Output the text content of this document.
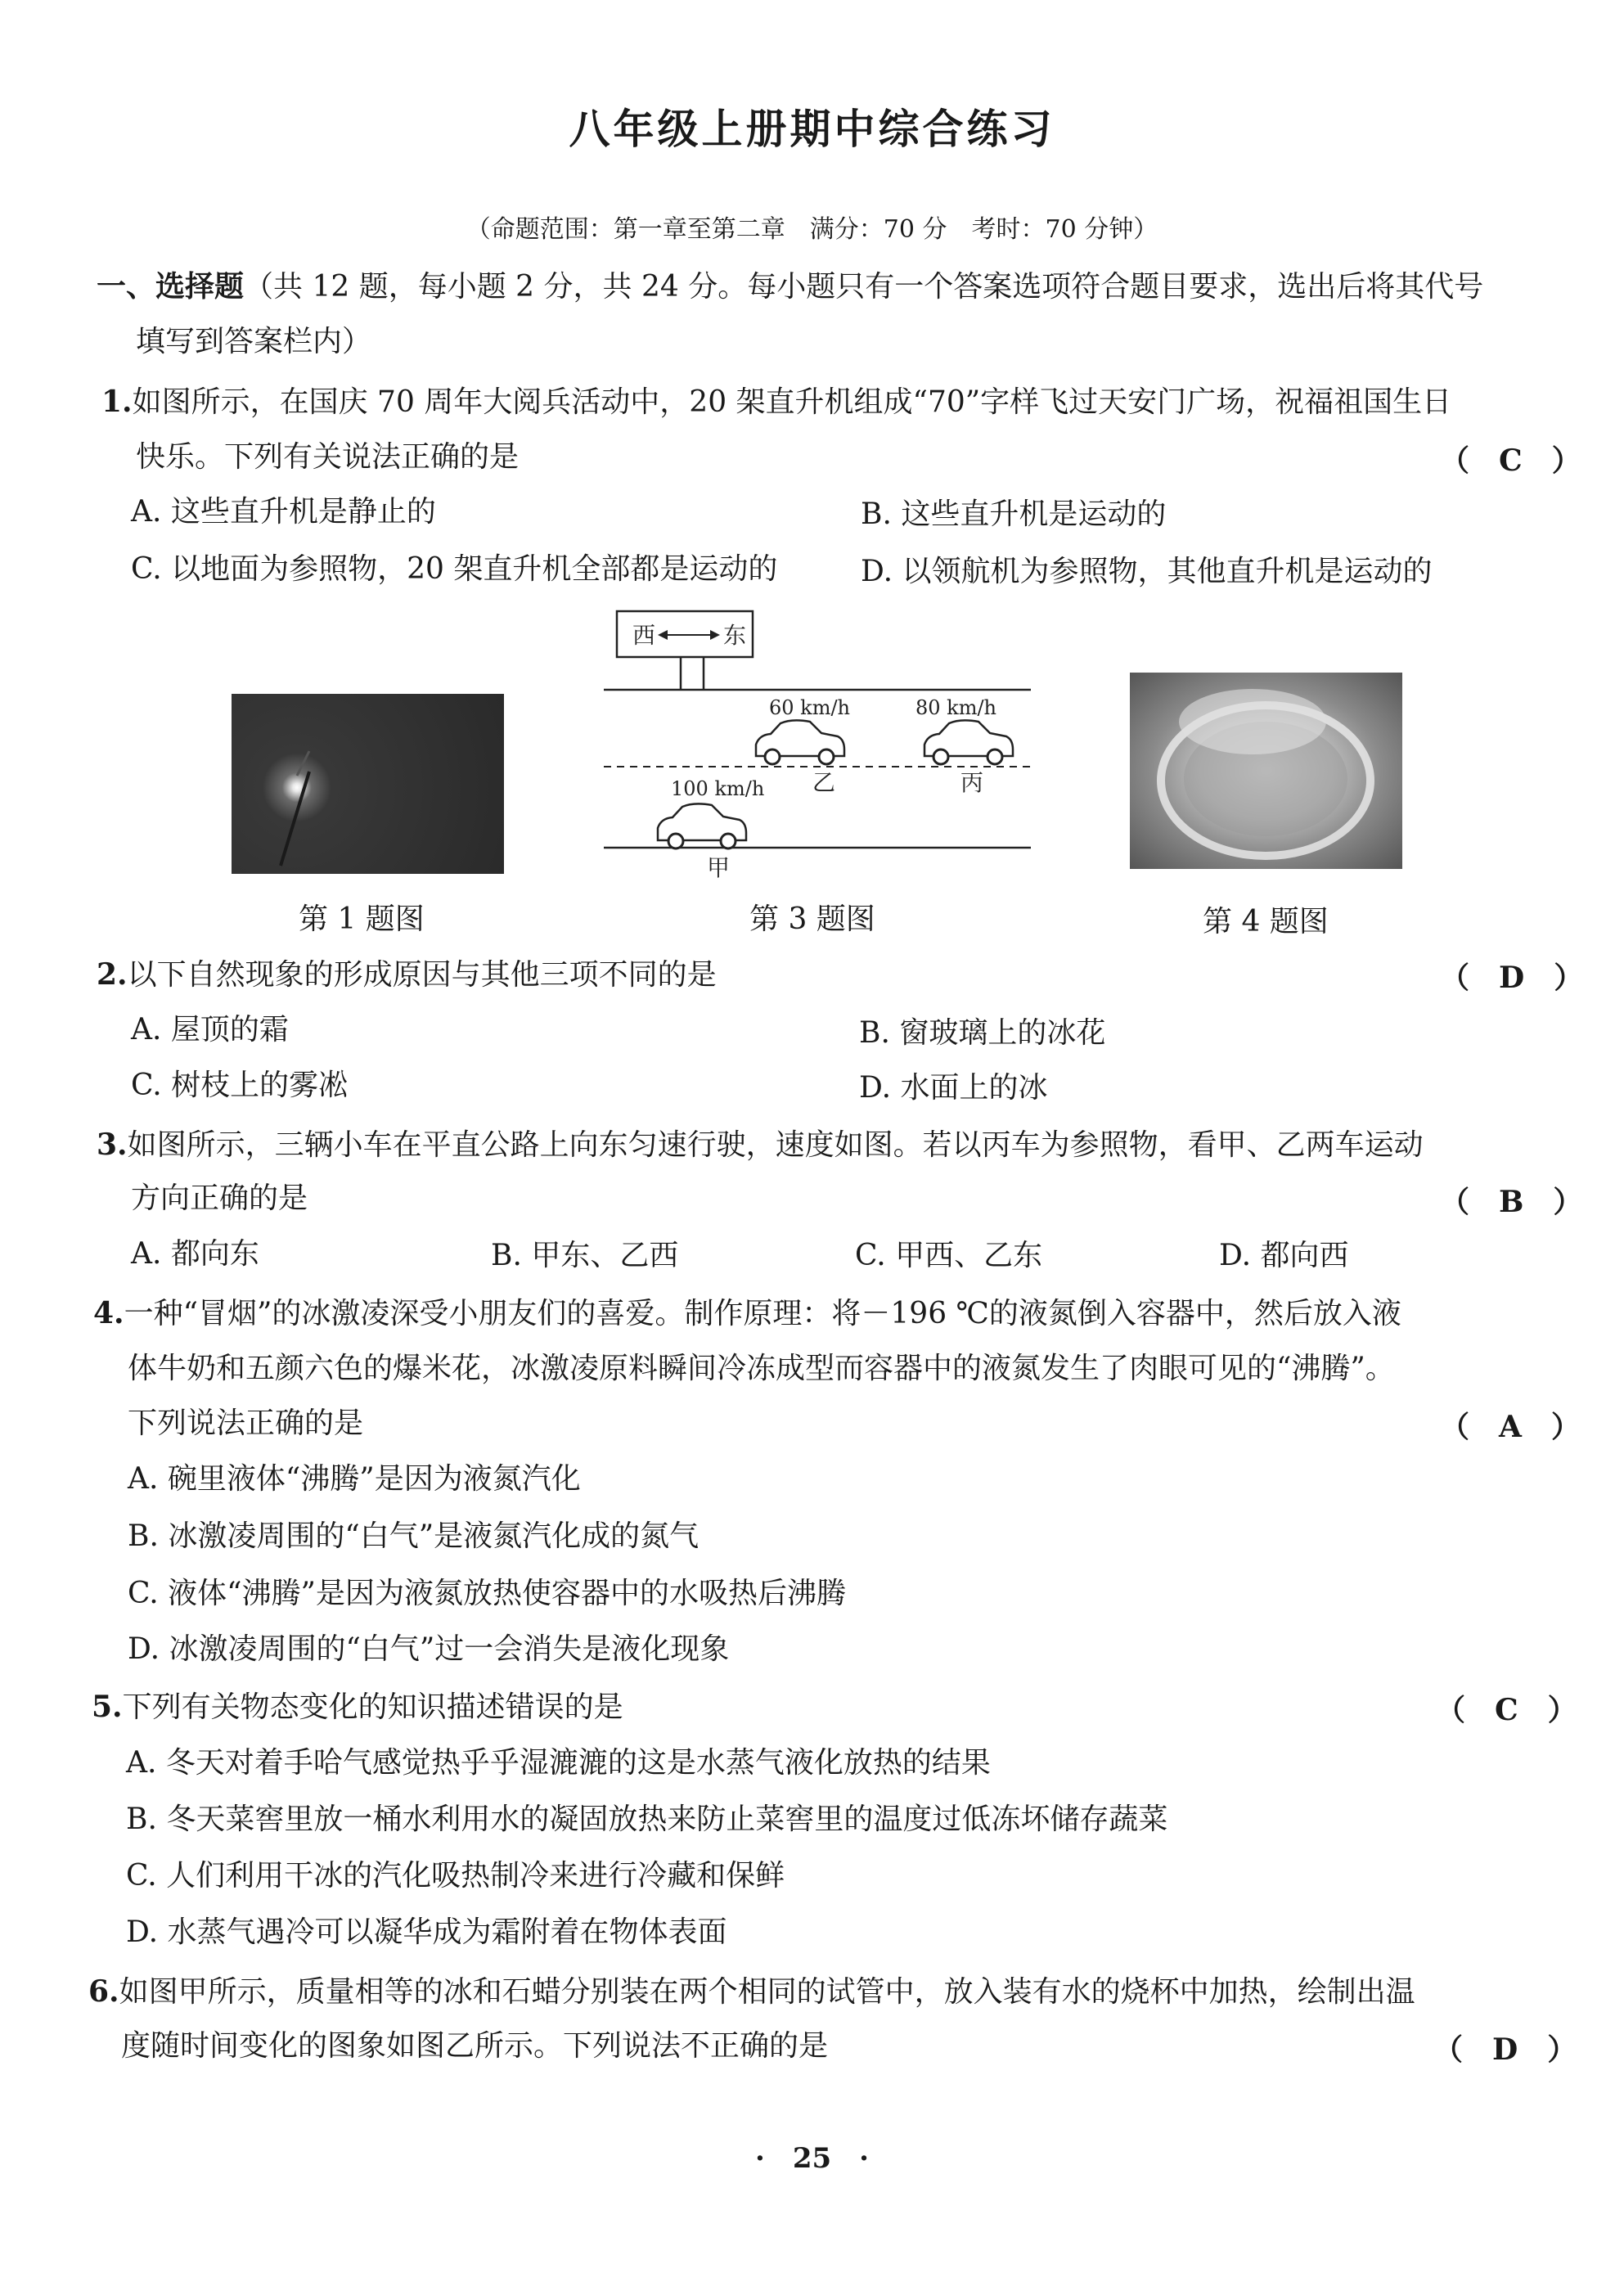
八年级上册期中综合练习
（命题范围：第一章至第二章　满分：70 分　考时：70 分钟）
一、选择题（共 12 题，每小题 2 分，共 24 分。每小题只有一个答案选项符合题目要求，选出后将其代号
填写到答案栏内）
1.如图所示，在国庆 70 周年大阅兵活动中，20 架直升机组成“70”字样飞过天安门广场，祝福祖国生日
快乐。下列有关说法正确的是	（　C　）
A. 这些直升机是静止的	B. 这些直升机是运动的
C. 以地面为参照物，20 架直升机全部都是运动的	D. 以领航机为参照物，其他直升机是运动的
第 1 题图
西	东
60 km/h
乙
80 km/h
丙
100 km/h
甲
第 3 题图	第 4 题图
2.以下自然现象的形成原因与其他三项不同的是	（　D　）
A. 屋顶的霜	B. 窗玻璃上的冰花
C. 树枝上的雾凇	D. 水面上的冰
3.如图所示，三辆小车在平直公路上向东匀速行驶，速度如图。若以丙车为参照物，看甲、乙两车运动
方向正确的是	（　B　）
A. 都向东	B. 甲东、乙西	C. 甲西、乙东	D. 都向西
4.一种“冒烟”的冰激凌深受小朋友们的喜爱。制作原理：将－196 ℃的液氮倒入容器中，然后放入液
体牛奶和五颜六色的爆米花，冰激凌原料瞬间冷冻成型而容器中的液氮发生了肉眼可见的“沸腾”。
下列说法正确的是	（　A　）
A. 碗里液体“沸腾”是因为液氮汽化
B. 冰激凌周围的“白气”是液氮汽化成的氮气
C. 液体“沸腾”是因为液氮放热使容器中的水吸热后沸腾
D. 冰激凌周围的“白气”过一会消失是液化现象
5.下列有关物态变化的知识描述错误的是	（　C　）
A. 冬天对着手哈气感觉热乎乎湿漉漉的这是水蒸气液化放热的结果
B. 冬天菜窖里放一桶水利用水的凝固放热来防止菜窖里的温度过低冻坏储存蔬菜
C. 人们利用干冰的汽化吸热制冷来进行冷藏和保鲜
D. 水蒸气遇冷可以凝华成为霜附着在物体表面
6.如图甲所示，质量相等的冰和石蜡分别装在两个相同的试管中，放入装有水的烧杯中加热，绘制出温
度随时间变化的图象如图乙所示。下列说法不正确的是	（　D　）
·　25　·
